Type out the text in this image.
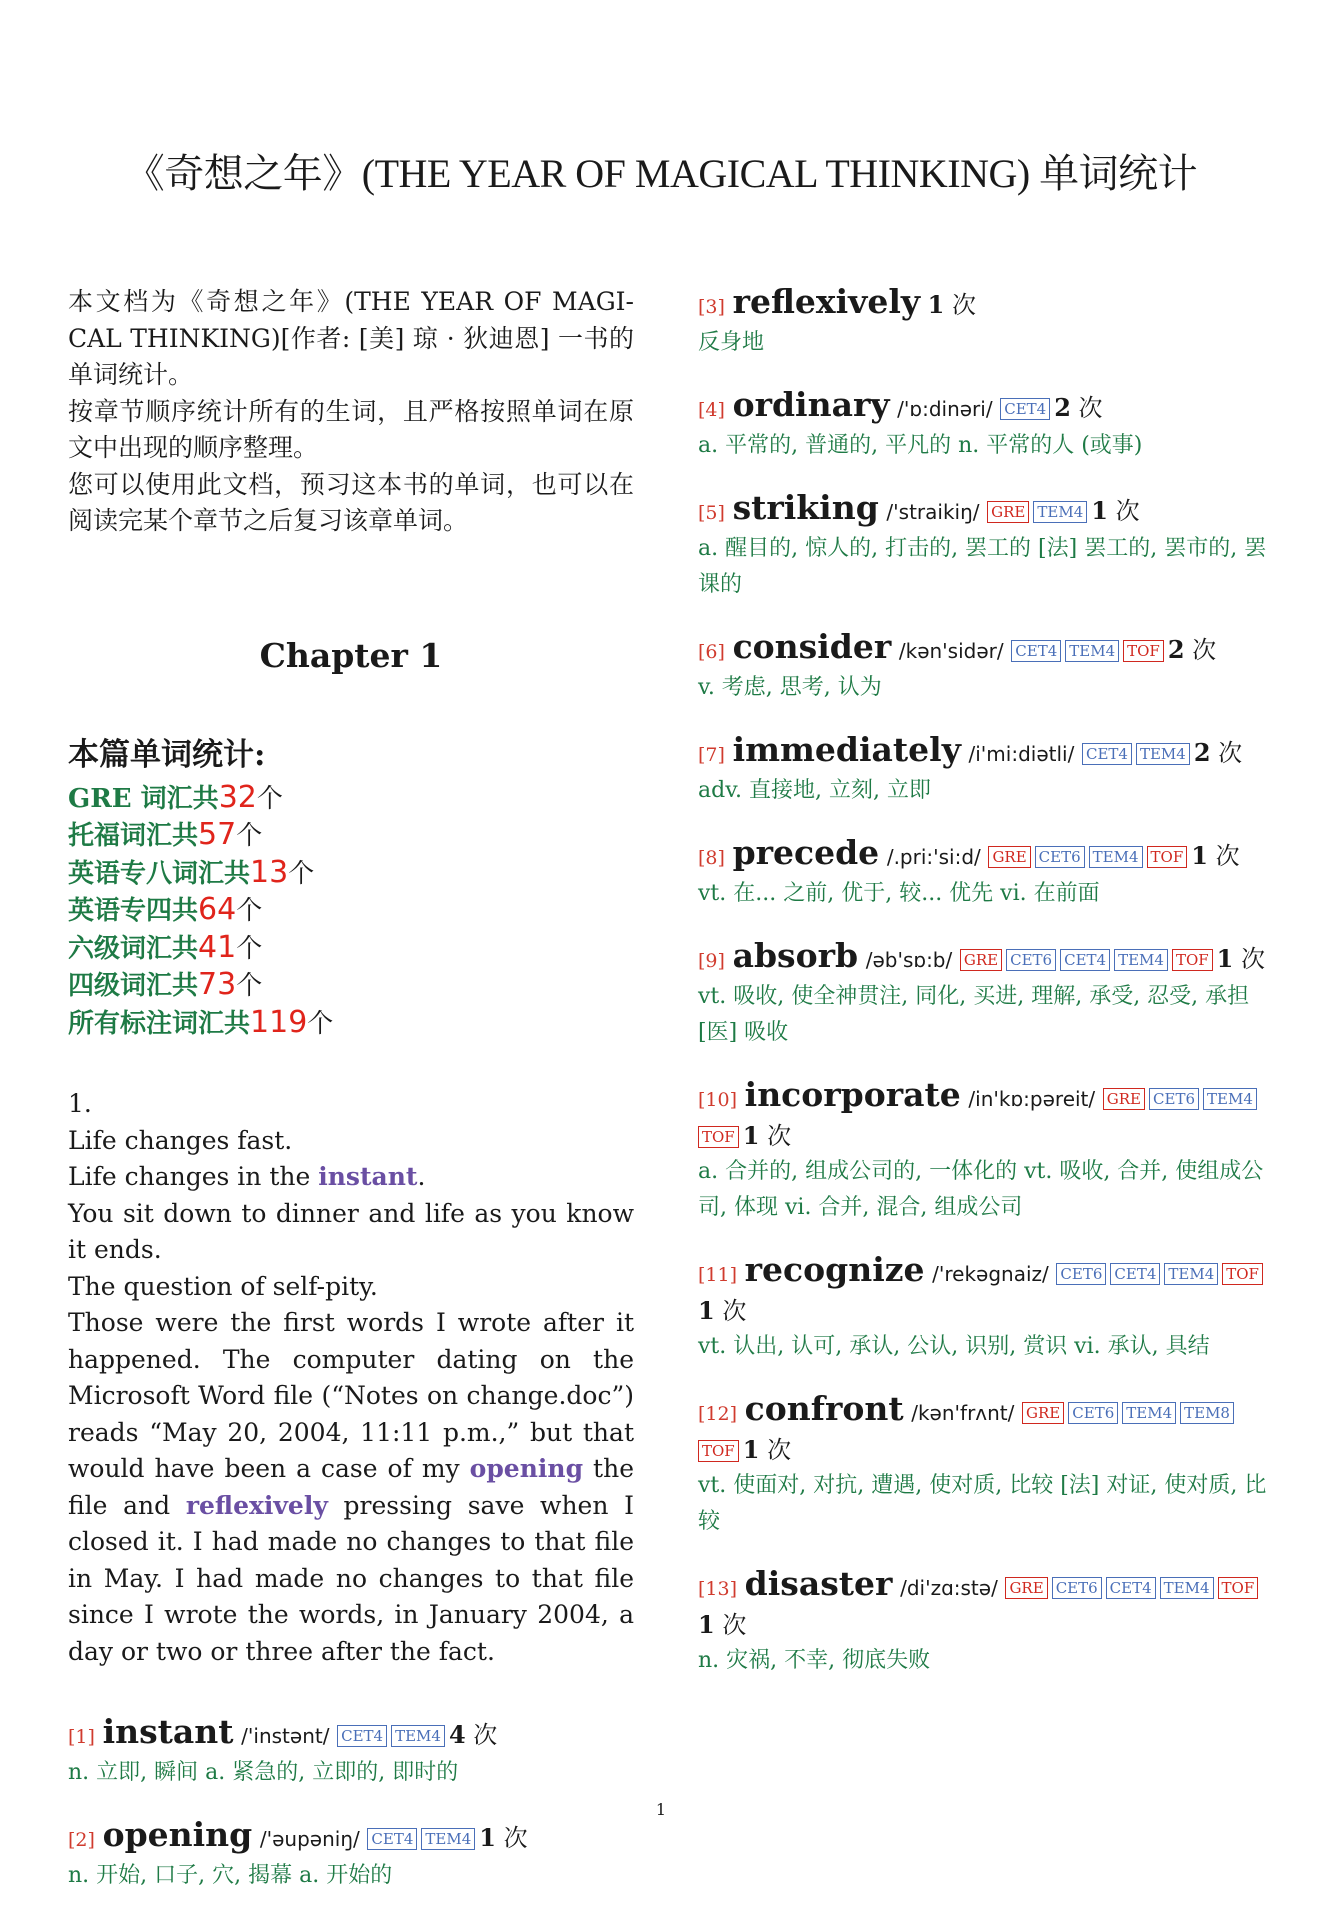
《奇想之年》(THE YEAR OF MAGICAL THINKING) 单词统计

本文档为《奇想之年》(THE YEAR OF MAGI-CAL THINKING)[作者: [美] 琼 · 狄迪恩] 一书的单词统计。

按章节顺序统计所有的生词，且严格按照单词在原文中出现的顺序整理。

您可以使用此文档，预习这本书的单词，也可以在阅读完某个章节之后复习该章单词。

Chapter 1
本篇单词统计:
GRE 词汇共32个
托福词汇共57个
英语专八词汇共13个
英语专四共64个
六级词汇共41个
四级词汇共73个
所有标注词汇共119个

1.

Life changes fast.

Life changes in the instant.

You sit down to dinner and life as you know it ends.

The question of self-pity.

Those were the first words I wrote after it happened. The computer dating on the Microsoft Word file (“Notes on change.doc”) reads “May 20, 2004, 11:11 p.m.,” but that would have been a case of my opening the file and reflexively pressing save when I closed it. I had made no changes to that file in May. I had made no changes to that file since I wrote the words, in January 2004, a day or two or three after the fact.

[1] instant /'instənt/ CET4 TEM4 4 次
n. 立即, 瞬间 a. 紧急的, 立即的, 即时的
[2] opening /'əupəniŋ/ CET4 TEM4 1 次
n. 开始, 口子, 穴, 揭幕 a. 开始的
[3] reflexively 1 次
反身地
[4] ordinary /'ɒ:dinəri/ CET4 2 次
a. 平常的, 普通的, 平凡的 n. 平常的人 (或事)
[5] striking /'straikiŋ/ GRE TEM4 1 次
a. 醒目的, 惊人的, 打击的, 罢工的 [法] 罢工的, 罢市的, 罢课的
[6] consider /kən'sidər/ CET4 TEM4 TOF 2 次
v. 考虑, 思考, 认为
[7] immediately /i'mi:diətli/ CET4 TEM4 2 次
adv. 直接地, 立刻, 立即
[8] precede /.pri:'si:d/ GRE CET6 TEM4 TOF 1 次
vt. 在... 之前, 优于, 较... 优先 vi. 在前面
[9] absorb /əb'sɒ:b/ GRE CET6 CET4 TEM4 TOF 1 次
vt. 吸收, 使全神贯注, 同化, 买进, 理解, 承受, 忍受, 承担 [医] 吸收
[10] incorporate /in'kɒ:pəreit/ GRE CET6 TEM4TOF 1 次
a. 合并的, 组成公司的, 一体化的 vt. 吸收, 合并, 使组成公司, 体现 vi. 合并, 混合, 组成公司
[11] recognize /'rekəgnaiz/ CET6 CET4 TEM4 TOF1 次
vt. 认出, 认可, 承认, 公认, 识别, 赏识 vi. 承认, 具结
[12] confront /kən'frʌnt/ GRE CET6 TEM4 TEM8TOF 1 次
vt. 使面对, 对抗, 遭遇, 使对质, 比较 [法] 对证, 使对质, 比较
[13] disaster /di'zɑ:stə/ GRE CET6 CET4 TEM4 TOF1 次
n. 灾祸, 不幸, 彻底失败
1
